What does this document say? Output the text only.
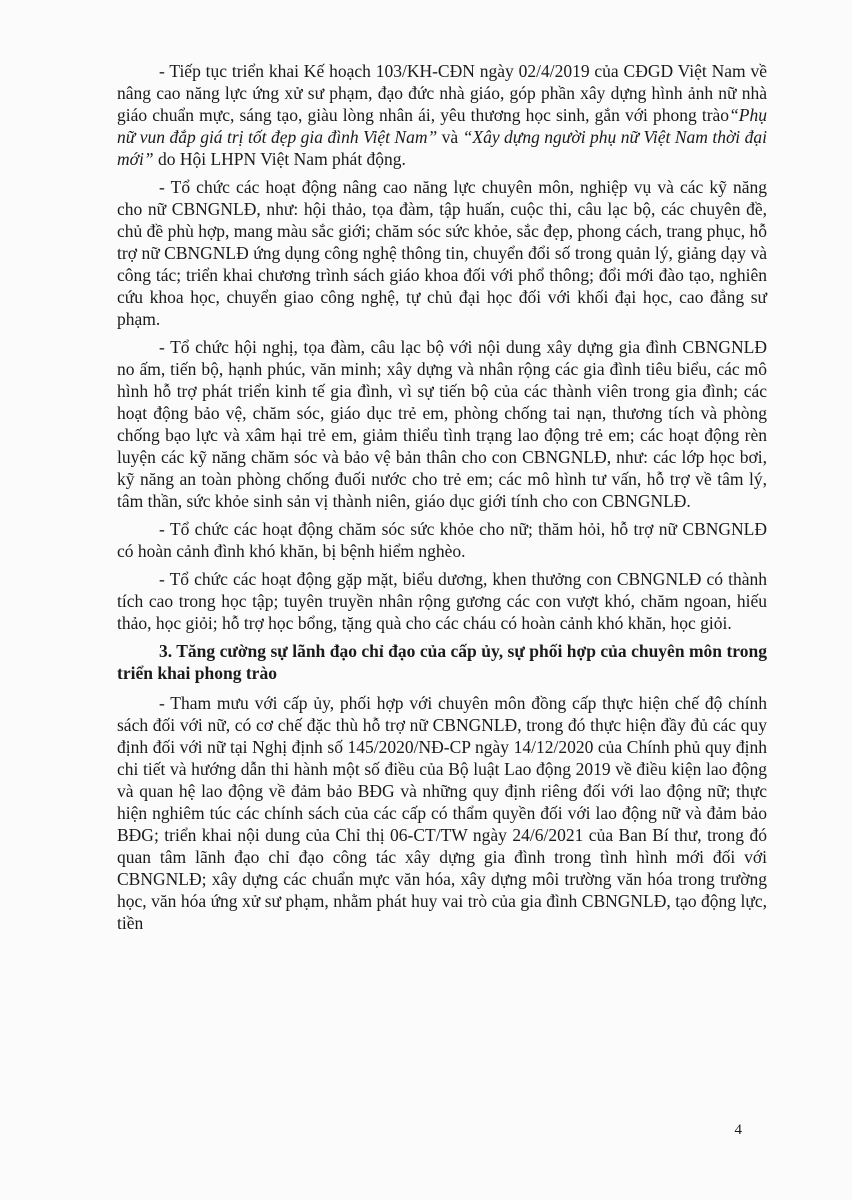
- Tiếp tục triển khai Kế hoạch 103/KH-CĐN ngày 02/4/2019 của CĐGD Việt Nam về nâng cao năng lực ứng xử sư phạm, đạo đức nhà giáo, góp phần xây dựng hình ảnh nữ nhà giáo chuẩn mực, sáng tạo, giàu lòng nhân ái, yêu thương học sinh, gắn với phong trào“Phụ nữ vun đắp giá trị tốt đẹp gia đình Việt Nam” và “Xây dựng người phụ nữ Việt Nam thời đại mới” do Hội LHPN Việt Nam phát động.

- Tổ chức các hoạt động nâng cao năng lực chuyên môn, nghiệp vụ và các kỹ năng cho nữ CBNGNLĐ, như: hội thảo, tọa đàm, tập huấn, cuộc thi, câu lạc bộ, các chuyên đề, chủ đề phù hợp, mang màu sắc giới; chăm sóc sức khỏe, sắc đẹp, phong cách, trang phục, hỗ trợ nữ CBNGNLĐ ứng dụng công nghệ thông tin, chuyển đổi số trong quản lý, giảng dạy và công tác; triển khai chương trình sách giáo khoa đối với phổ thông; đổi mới đào tạo, nghiên cứu khoa học, chuyển giao công nghệ, tự chủ đại học đối với khối đại học, cao đẳng sư phạm.

- Tổ chức hội nghị, tọa đàm, câu lạc bộ với nội dung xây dựng gia đình CBNGNLĐ no ấm, tiến bộ, hạnh phúc, văn minh; xây dựng và nhân rộng các gia đình tiêu biểu, các mô hình hỗ trợ phát triển kinh tế gia đình, vì sự tiến bộ của các thành viên trong gia đình; các hoạt động bảo vệ, chăm sóc, giáo dục trẻ em, phòng chống tai nạn, thương tích và phòng chống bạo lực và xâm hại trẻ em, giảm thiểu tình trạng lao động trẻ em; các hoạt động rèn luyện các kỹ năng chăm sóc và bảo vệ bản thân cho con CBNGNLĐ, như: các lớp học bơi, kỹ năng an toàn phòng chống đuối nước cho trẻ em; các mô hình tư vấn, hỗ trợ về tâm lý, tâm thần, sức khỏe sinh sản vị thành niên, giáo dục giới tính cho con CBNGNLĐ.

- Tổ chức các hoạt động chăm sóc sức khỏe cho nữ; thăm hỏi, hỗ trợ nữ CBNGNLĐ có hoàn cảnh đình khó khăn, bị bệnh hiểm nghèo.

- Tổ chức các hoạt động gặp mặt, biểu dương, khen thưởng con CBNGNLĐ có thành tích cao trong học tập; tuyên truyền nhân rộng gương các con vượt khó, chăm ngoan, hiếu thảo, học giỏi; hỗ trợ học bổng, tặng quà cho các cháu có hoàn cảnh khó khăn, học giỏi.

3. Tăng cường sự lãnh đạo chỉ đạo của cấp ủy, sự phối hợp của chuyên môn trong triển khai phong trào

- Tham mưu với cấp ủy, phối hợp với chuyên môn đồng cấp thực hiện chế độ chính sách đối với nữ, có cơ chế đặc thù hỗ trợ nữ CBNGNLĐ, trong đó thực hiện đầy đủ các quy định đối với nữ tại Nghị định số 145/2020/NĐ-CP ngày 14/12/2020 của Chính phủ quy định chi tiết và hướng dẫn thi hành một số điều của Bộ luật Lao động 2019 về điều kiện lao động và quan hệ lao động về đảm bảo BĐG và những quy định riêng đối với lao động nữ; thực hiện nghiêm túc các chính sách của các cấp có thẩm quyền đối với lao động nữ và đảm bảo BĐG; triển khai nội dung của Chỉ thị 06-CT/TW ngày 24/6/2021 của Ban Bí thư, trong đó quan tâm lãnh đạo chỉ đạo công tác xây dựng gia đình trong tình hình mới đối với CBNGNLĐ; xây dựng các chuẩn mực văn hóa, xây dựng môi trường văn hóa trong trường học, văn hóa ứng xử sư phạm, nhằm phát huy vai trò của gia đình CBNGNLĐ, tạo động lực, tiền

4
